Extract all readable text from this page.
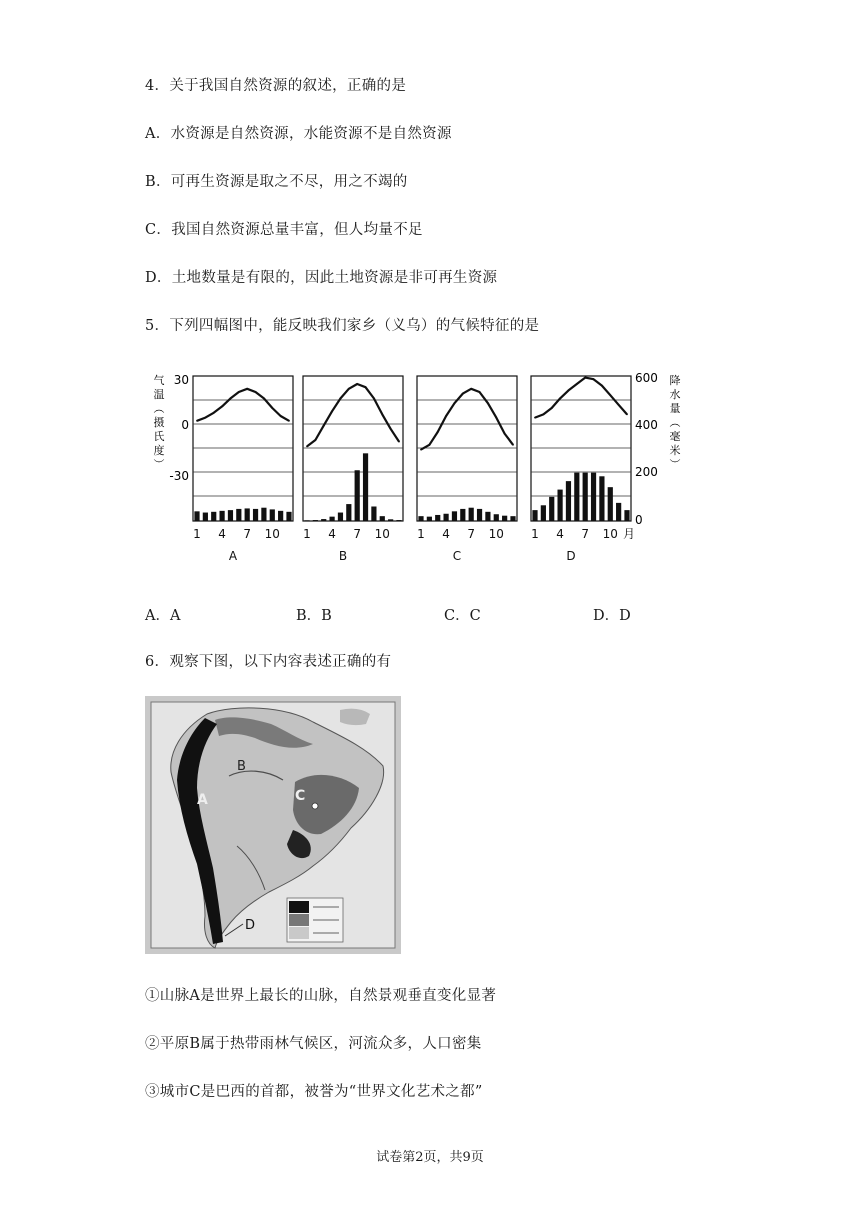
4．关于我国自然资源的叙述，正确的是
A．水资源是自然资源，水能资源不是自然资源
B．可再生资源是取之不尽，用之不竭的
C．我国自然资源总量丰富，但人均量不足
D．土地数量是有限的，因此土地资源是非可再生资源
5．下列四幅图中，能反映我们家乡（义乌）的气候特征的是
气温︵摄氏度︶
降水量︵毫米︶
30
0
-30
600
400
200
0
1 4 7 10
A
1 4 7 10
B
1 4 7 10
C
1 4 7 10 月
D
A．A	B．B	C．C	D．D
6．观察下图，以下内容表述正确的有
B
A	C
D
①山脉A是世界上最长的山脉，自然景观垂直变化显著
②平原B属于热带雨林气候区，河流众多，人口密集
③城市C是巴西的首都，被誉为“世界文化艺术之都”
试卷第2页，共9页
